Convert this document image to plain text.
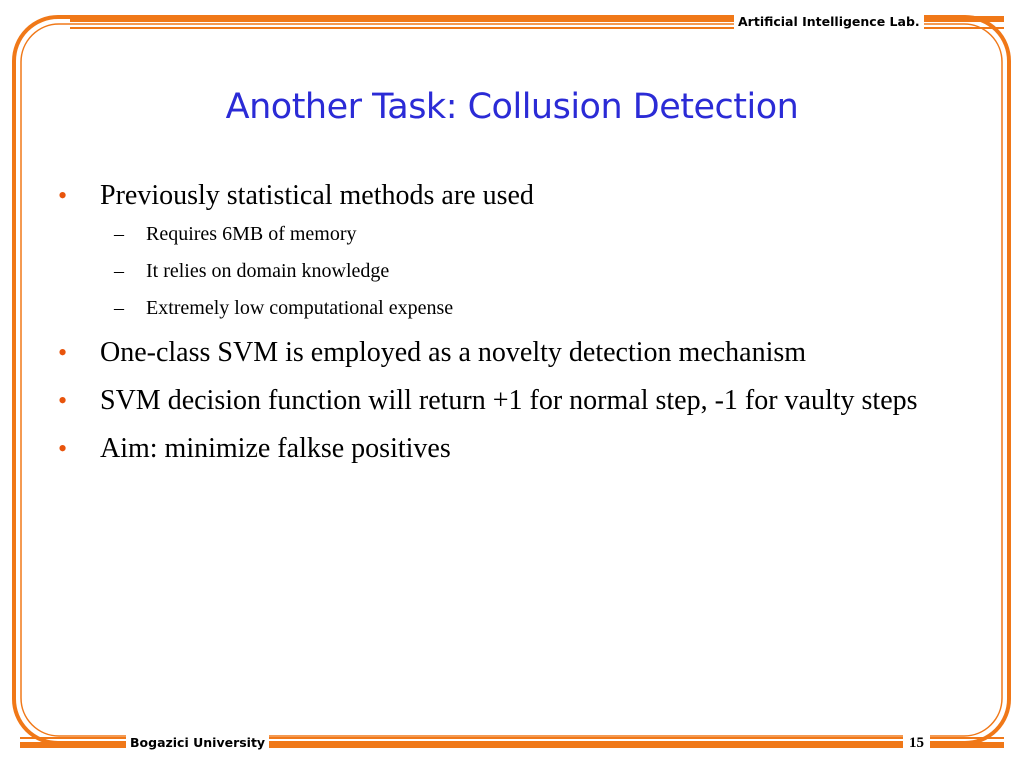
Artificial Intelligence Lab.
Another Task: Collusion Detection
• Previously statistical methods are used
– Requires 6MB of memory
– It relies on domain knowledge
– Extremely low computational expense
• One-class SVM is employed as a novelty detection mechanism
• SVM decision function will return +1 for normal step, -1 for vaulty steps
• Aim: minimize falkse positives
Bogazici University	15
